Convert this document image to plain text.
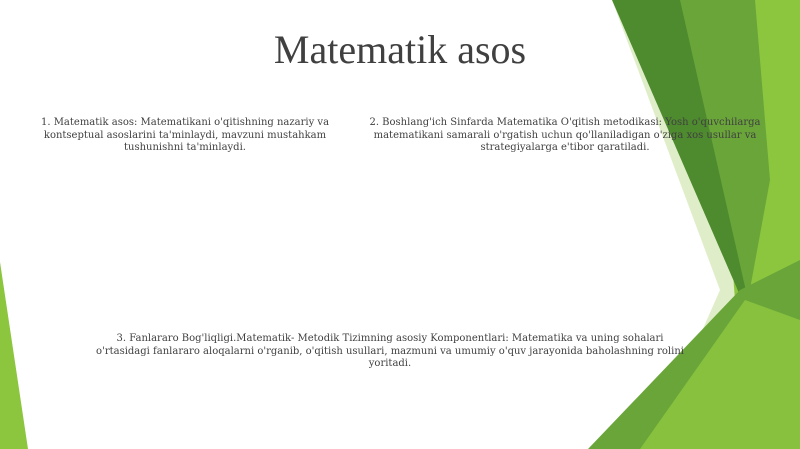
Matematik asos
1. Matematik asos: Matematikani o'qitishning nazariy va kontseptual asoslarini ta'minlaydi, mavzuni mustahkam tushunishni ta'minlaydi.
2. Boshlang'ich Sinfarda Matematika O'qitish metodikasi: Yosh o'quvchilarga matematikani samarali o'rgatish uchun qo'llaniladigan o'ziga xos usullar va strategiyalarga e'tibor qaratiladi.
3. Fanlararo Bog'liqligi.Matematik- Metodik Tizimning asosiy Komponentlari: Matematika va uning sohalari o'rtasidagi fanlararo aloqalarni o'rganib, o'qitish usullari, mazmuni va umumiy o'quv jarayonida baholashning rolini yoritadi.
